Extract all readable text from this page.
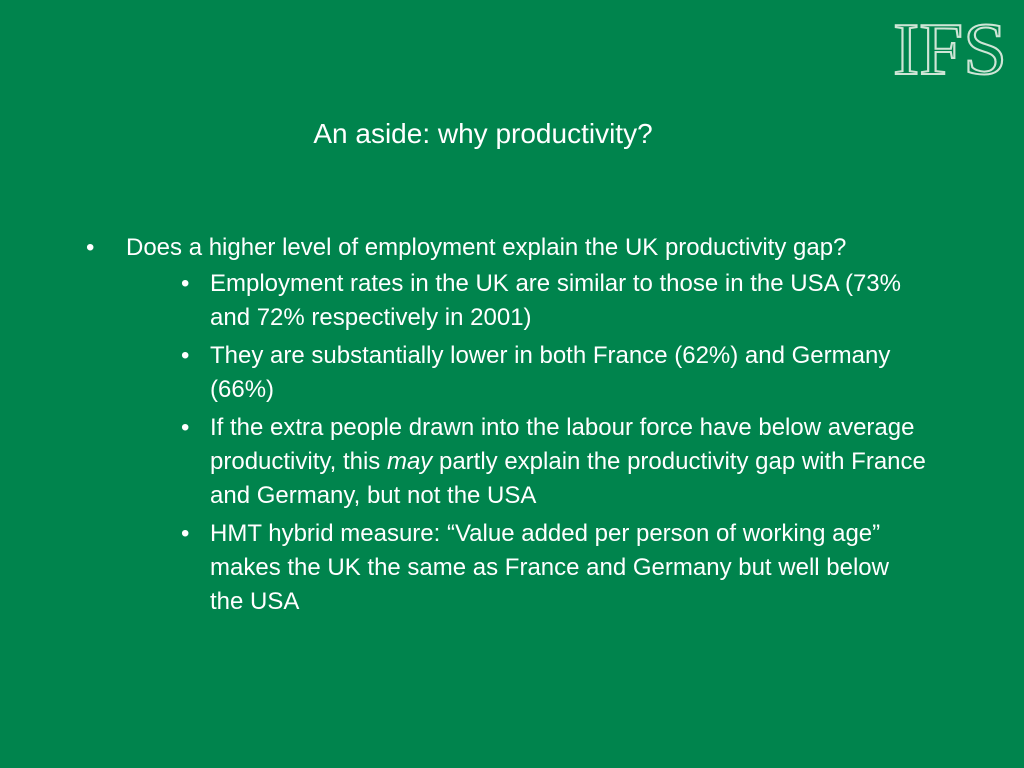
IFS
An aside: why productivity?
• Does a higher level of employment explain the UK productivity gap?
• Employment rates in the UK are similar to those in the USA (73% and 72% respectively in 2001)
• They are substantially lower in both France (62%) and Germany (66%)
• If the extra people drawn into the labour force have below average productivity, this may partly explain the productivity gap with France and Germany, but not the USA
• HMT hybrid measure: “Value added per person of working age” makes the UK the same as France and Germany but well below the USA
